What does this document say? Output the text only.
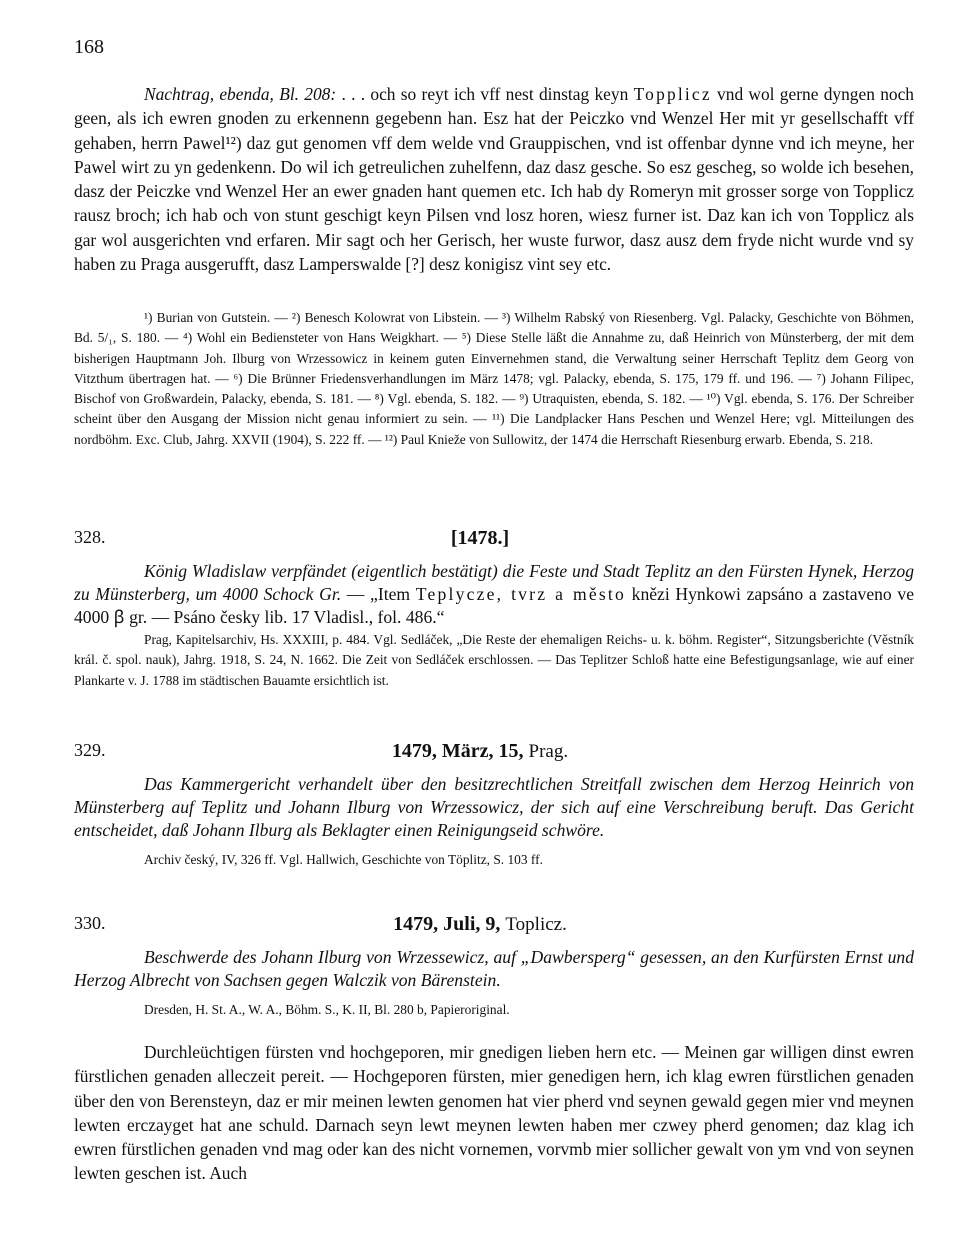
168

Nachtrag, ebenda, Bl. 208: . . . och so reyt ich vff nest dinstag keyn Topplicz vnd wol gerne dyngen noch geen, als ich ewren gnoden zu erkennenn gegebenn han. Esz hat der Peiczko vnd Wenzel Her mit yr gesellschafft vff gehaben, herrn Pawel¹²) daz gut genomen vff dem welde vnd Grauppischen, vnd ist offenbar dynne vnd ich meyne, her Pawel wirt zu yn gedenkenn. Do wil ich getreulichen zuhelfenn, daz dasz gesche. So esz gescheg, so wolde ich besehen, dasz der Peiczke vnd Wenzel Her an ewer gnaden hant quemen etc. Ich hab dy Romeryn mit grosser sorge von Topplicz rausz broch; ich hab och von stunt geschigt keyn Pilsen vnd losz horen, wiesz furner ist. Daz kan ich von Topplicz als gar wol ausgerichten vnd erfaren. Mir sagt och her Gerisch, her wuste furwor, dasz ausz dem fryde nicht wurde vnd sy haben zu Praga ausgerufft, dasz Lamperswalde [?] desz konigisz vint sey etc.

¹) Burian von Gutstein. — ²) Benesch Kolowrat von Libstein. — ³) Wilhelm Rabský von Riesenberg. Vgl. Palacky, Geschichte von Böhmen, Bd. 5/₁, S. 180. — ⁴) Wohl ein Bediensteter von Hans Weigkhart. — ⁵) Diese Stelle läßt die Annahme zu, daß Heinrich von Münsterberg, der mit dem bisherigen Hauptmann Joh. Ilburg von Wrzessowicz in keinem guten Einvernehmen stand, die Verwaltung seiner Herrschaft Teplitz dem Georg von Vitzthum übertragen hat. — ⁶) Die Brünner Friedensverhandlungen im März 1478; vgl. Palacky, ebenda, S. 175, 179 ff. und 196. — ⁷) Johann Filipec, Bischof von Großwardein, Palacky, ebenda, S. 181. — ⁸) Vgl. ebenda, S. 182. — ⁹) Utraquisten, ebenda, S. 182. — ¹⁰) Vgl. ebenda, S. 176. Der Schreiber scheint über den Ausgang der Mission nicht genau informiert zu sein. — ¹¹) Die Landplacker Hans Peschen und Wenzel Here; vgl. Mitteilungen des nordböhm. Exc. Club, Jahrg. XXVII (1904), S. 222 ff. — ¹²) Paul Knieže von Sullowitz, der 1474 die Herrschaft Riesenburg erwarb. Ebenda, S. 218.

328.	[1478.]

König Wladislaw verpfändet (eigentlich bestätigt) die Feste und Stadt Teplitz an den Fürsten Hynek, Herzog zu Münsterberg, um 4000 Schock Gr. — „Item Teplycze, tvrz a město knězi Hynkowi zapsáno a zastaveno ve 4000 ꞵ gr. — Psáno česky lib. 17 Vladisl., fol. 486.“

Prag, Kapitelsarchiv, Hs. XXXIII, p. 484. Vgl. Sedláček, „Die Reste der ehemaligen Reichs- u. k. böhm. Register“, Sitzungsberichte (Věstník král. č. spol. nauk), Jahrg. 1918, S. 24, N. 1662. Die Zeit von Sedláček erschlossen. — Das Teplitzer Schloß hatte eine Befestigungsanlage, wie auf einer Plankarte v. J. 1788 im städtischen Bauamte ersichtlich ist.

329.	1479, März, 15, Prag.

Das Kammergericht verhandelt über den besitzrechtlichen Streitfall zwischen dem Herzog Heinrich von Münsterberg auf Teplitz und Johann Ilburg von Wrzessowicz, der sich auf eine Verschreibung beruft. Das Gericht entscheidet, daß Johann Ilburg als Beklagter einen Reinigungseid schwöre.

Archiv český, IV, 326 ff. Vgl. Hallwich, Geschichte von Töplitz, S. 103 ff.

330.	1479, Juli, 9, Toplicz.

Beschwerde des Johann Ilburg von Wrzessewicz, auf „Dawbersperg“ gesessen, an den Kurfürsten Ernst und Herzog Albrecht von Sachsen gegen Walczik von Bärenstein.

Dresden, H. St. A., W. A., Böhm. S., K. II, Bl. 280 b, Papieroriginal.

Durchleüchtigen fürsten vnd hochgeporen, mir gnedigen lieben hern etc. — Meinen gar willigen dinst ewren fürstlichen genaden alleczeit pereit. — Hochgeporen fürsten, mier genedigen hern, ich klag ewren fürstlichen genaden über den von Berensteyn, daz er mir meinen lewten genomen hat vier pherd vnd seynen gewald gegen mier vnd meynen lewten erczayget hat ane schuld. Darnach seyn lewt meynen lewten haben mer czwey pherd genomen; daz klag ich ewren fürstlichen genaden vnd mag oder kan des nicht vornemen, vorvmb mier sollicher gewalt von ym vnd von seynen lewten geschen ist. Auch
